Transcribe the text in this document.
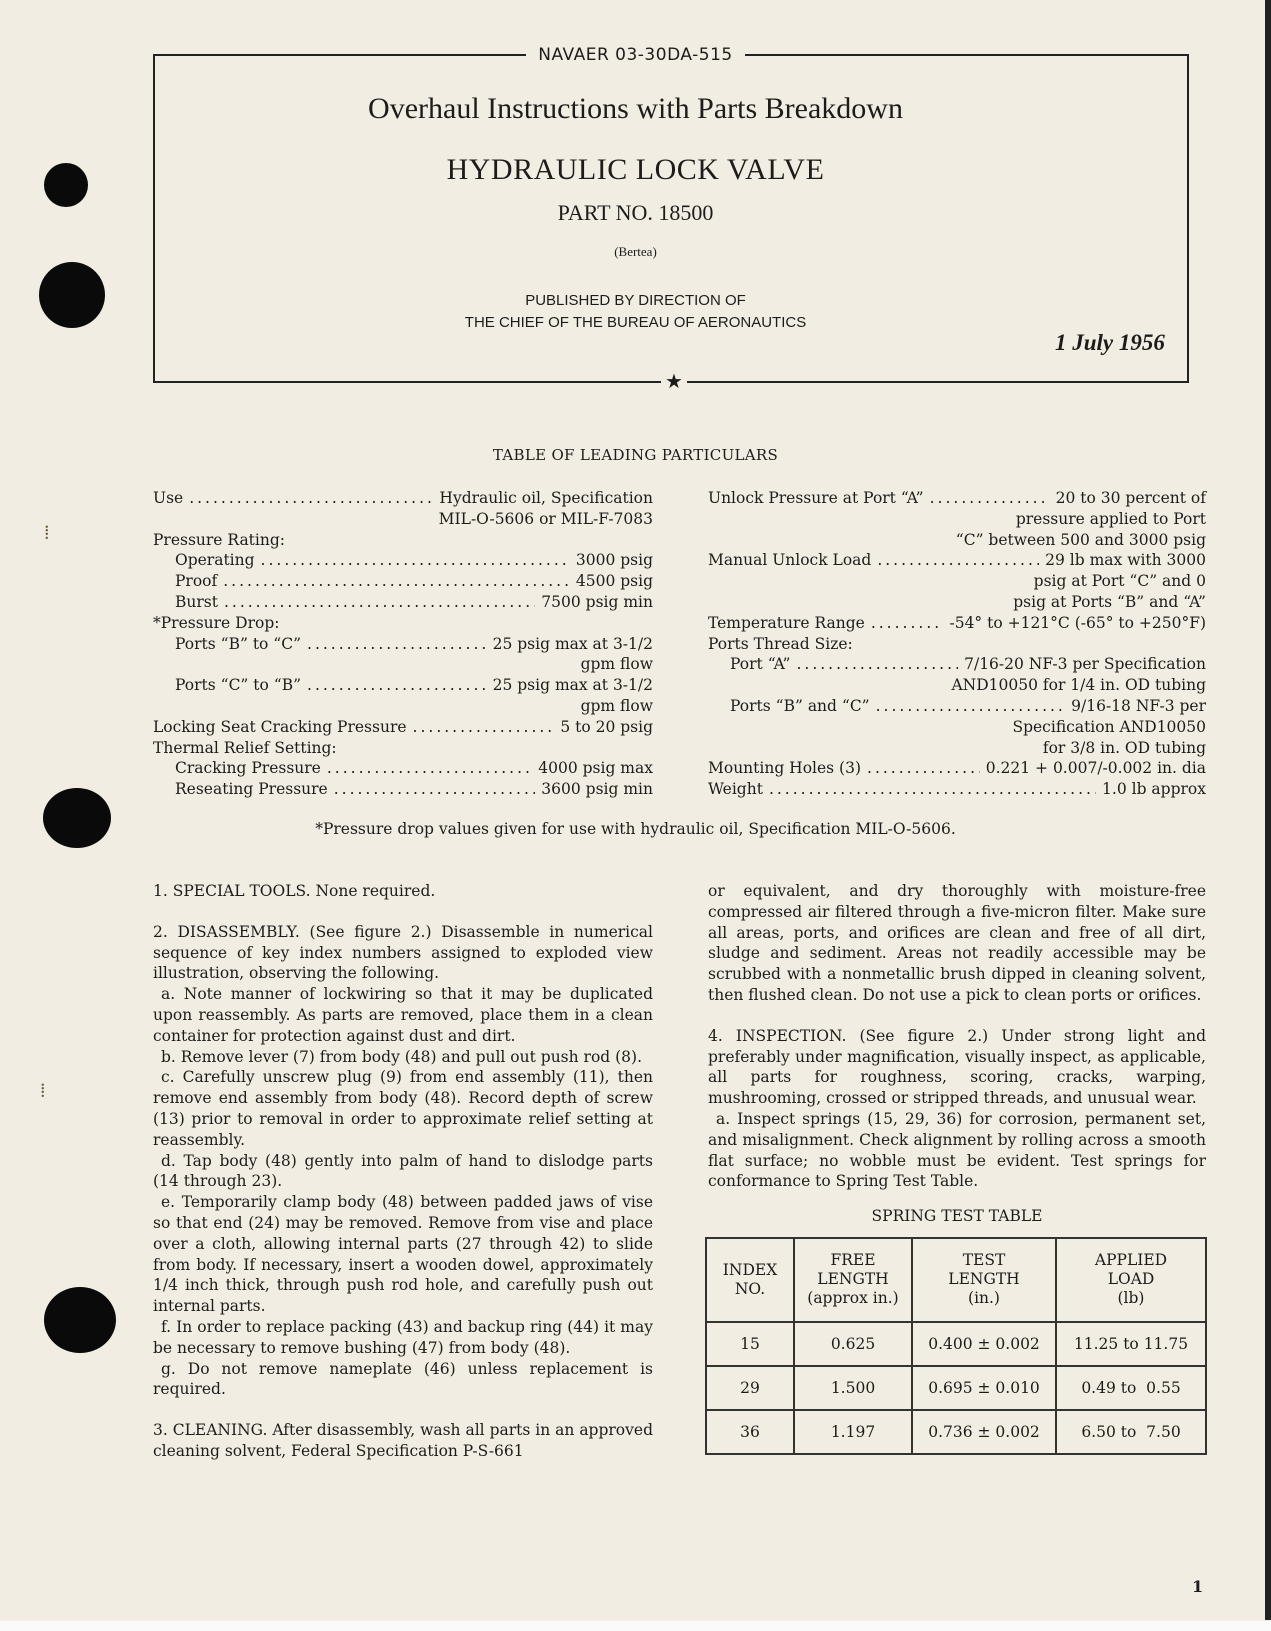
⁞
⁞
NAVAER 03-30DA-515
Overhaul Instructions with Parts Breakdown
HYDRAULIC LOCK VALVE
PART NO. 18500
(Bertea)
PUBLISHED BY DIRECTION OF
THE CHIEF OF THE BUREAU OF AERONAUTICS
1 July 1956
★
TABLE OF LEADING PARTICULARS
Use .....	Hydraulic oil, Specification
MIL-O-5606 or MIL-F-7083
Pressure Rating:
Operating .....	3000 psig
Proof .....	4500 psig
Burst .....	7500 psig min
*Pressure Drop:
Ports “B” to “C” .....	25 psig max at 3-1/2
gpm flow
Ports “C” to “B” .....	25 psig max at 3-1/2
gpm flow
Locking Seat Cracking Pressure .....	5 to 20 psig
Thermal Relief Setting:
Cracking Pressure .....	4000 psig max
Reseating Pressure .....	3600 psig min
Unlock Pressure at Port “A” .....	20 to 30 percent of
pressure applied to Port
“C” between 500 and 3000 psig
Manual Unlock Load .....	29 lb max with 3000
psig at Port “C” and 0
psig at Ports “B” and “A”
Temperature Range .....	-54° to +121°C (-65° to +250°F)
Ports Thread Size:
Port “A” .....	7/16-20 NF-3 per Specification
AND10050 for 1/4 in. OD tubing
Ports “B” and “C” .....	9/16-18 NF-3 per
Specification AND10050
for 3/8 in. OD tubing
Mounting Holes (3) .....	0.221 + 0.007/-0.002 in. dia
Weight .....	1.0 lb approx
*Pressure drop values given for use with hydraulic oil, Specification MIL-O-5606.

1. SPECIAL TOOLS. None required.

2. DISASSEMBLY. (See figure 2.) Disassemble in numerical sequence of key index numbers assigned to exploded view illustration, observing the following.

a. Note manner of lockwiring so that it may be duplicated upon reassembly. As parts are removed, place them in a clean container for protection against dust and dirt.

b. Remove lever (7) from body (48) and pull out push rod (8).

c. Carefully unscrew plug (9) from end assembly (11), then remove end assembly from body (48). Record depth of screw (13) prior to removal in order to approximate relief setting at reassembly.

d. Tap body (48) gently into palm of hand to dislodge parts (14 through 23).

e. Temporarily clamp body (48) between padded jaws of vise so that end (24) may be removed. Remove from vise and place over a cloth, allowing internal parts (27 through 42) to slide from body. If necessary, insert a wooden dowel, approximately 1/4 inch thick, through push rod hole, and carefully push out internal parts.

f. In order to replace packing (43) and backup ring (44) it may be necessary to remove bushing (47) from body (48).

g. Do not remove nameplate (46) unless replacement is required.

3. CLEANING. After disassembly, wash all parts in an approved cleaning solvent, Federal Specification P-S-661

or equivalent, and dry thoroughly with moisture-free compressed air filtered through a five-micron filter. Make sure all areas, ports, and orifices are clean and free of all dirt, sludge and sediment. Areas not readily accessible may be scrubbed with a nonmetallic brush dipped in cleaning solvent, then flushed clean. Do not use a pick to clean ports or orifices.

4. INSPECTION. (See figure 2.) Under strong light and preferably under magnification, visually inspect, as applicable, all parts for roughness, scoring, cracks, warping, mushrooming, crossed or stripped threads, and unusual wear.

a. Inspect springs (15, 29, 36) for corrosion, permanent set, and misalignment. Check alignment by rolling across a smooth flat surface; no wobble must be evident. Test springs for conformance to Spring Test Table.

SPRING TEST TABLE
INDEX
NO.	FREE
LENGTH
(approx in.)	TEST
LENGTH
(in.)	APPLIED
LOAD
(lb)
15	0.625	0.400 ± 0.002	11.25 to 11.75
29	1.500	0.695 ± 0.010	0.49 to  0.55
36	1.197	0.736 ± 0.002	6.50 to  7.50
1
